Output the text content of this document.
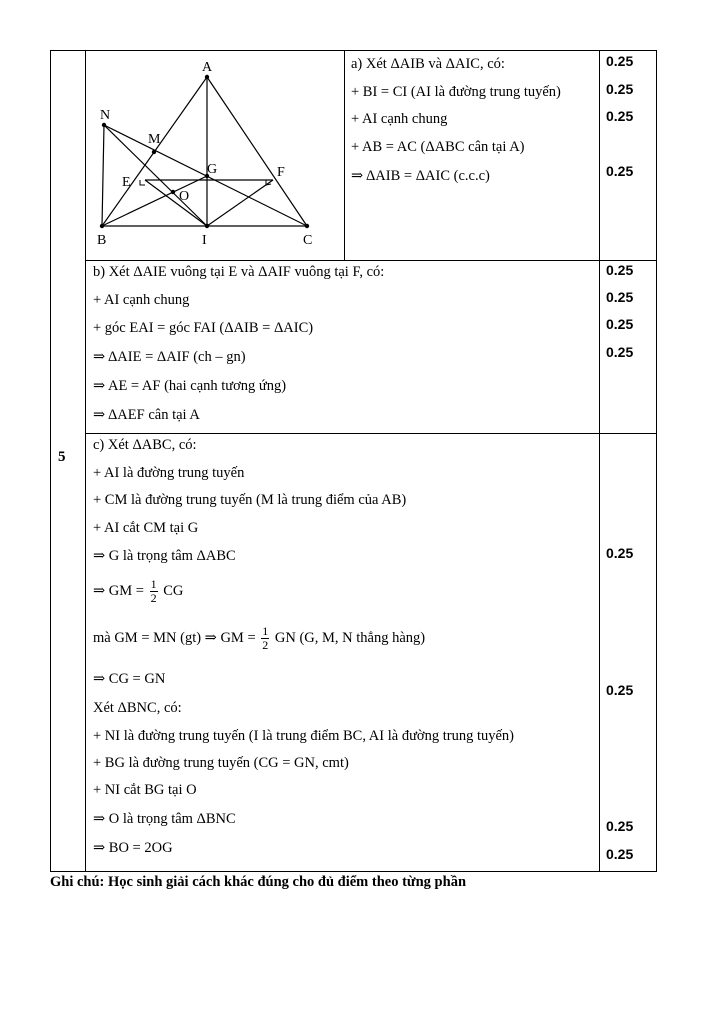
5
A
N
M
G
E
F
O
B	I	C
a) Xét ΔAIB và ΔAIC, có:
+ BI = CI (AI là đường trung tuyến)
+ AI cạnh chung
+ AB = AC (ΔABC cân tại A)
⇒ ΔAIB = ΔAIC (c.c.c)
0.25
0.25
0.25
0.25
b) Xét ΔAIE vuông tại E và ΔAIF vuông tại F, có:
+ AI cạnh chung
+ góc EAI = góc FAI (ΔAIB = ΔAIC)
⇒ ΔAIE = ΔAIF (ch – gn)
⇒ AE = AF (hai cạnh tương ứng)
⇒ ΔAEF cân tại A
0.25
0.25
0.25
0.25
c) Xét ΔABC, có:
+ AI là đường trung tuyến
+ CM là đường trung tuyến (M là trung điểm của AB)
+ AI cắt CM tại G
⇒ G là trọng tâm ΔABC
⇒ GM = $\frac{1}{2}$ CG
mà GM = MN (gt) ⇒ GM = $\frac{1}{2}$ GN (G, M, N thẳng hàng)
⇒ CG = GN
Xét ΔBNC, có:
+ NI là đường trung tuyến (I là trung điểm BC, AI là đường trung tuyến)
+ BG là đường trung tuyến (CG = GN, cmt)
+ NI cắt BG tại O
⇒ O là trọng tâm ΔBNC
⇒ BO = 2OG
0.25
0.25
0.25
0.25
Ghi chú: Học sinh giải cách khác đúng cho đủ điểm theo từng phần
